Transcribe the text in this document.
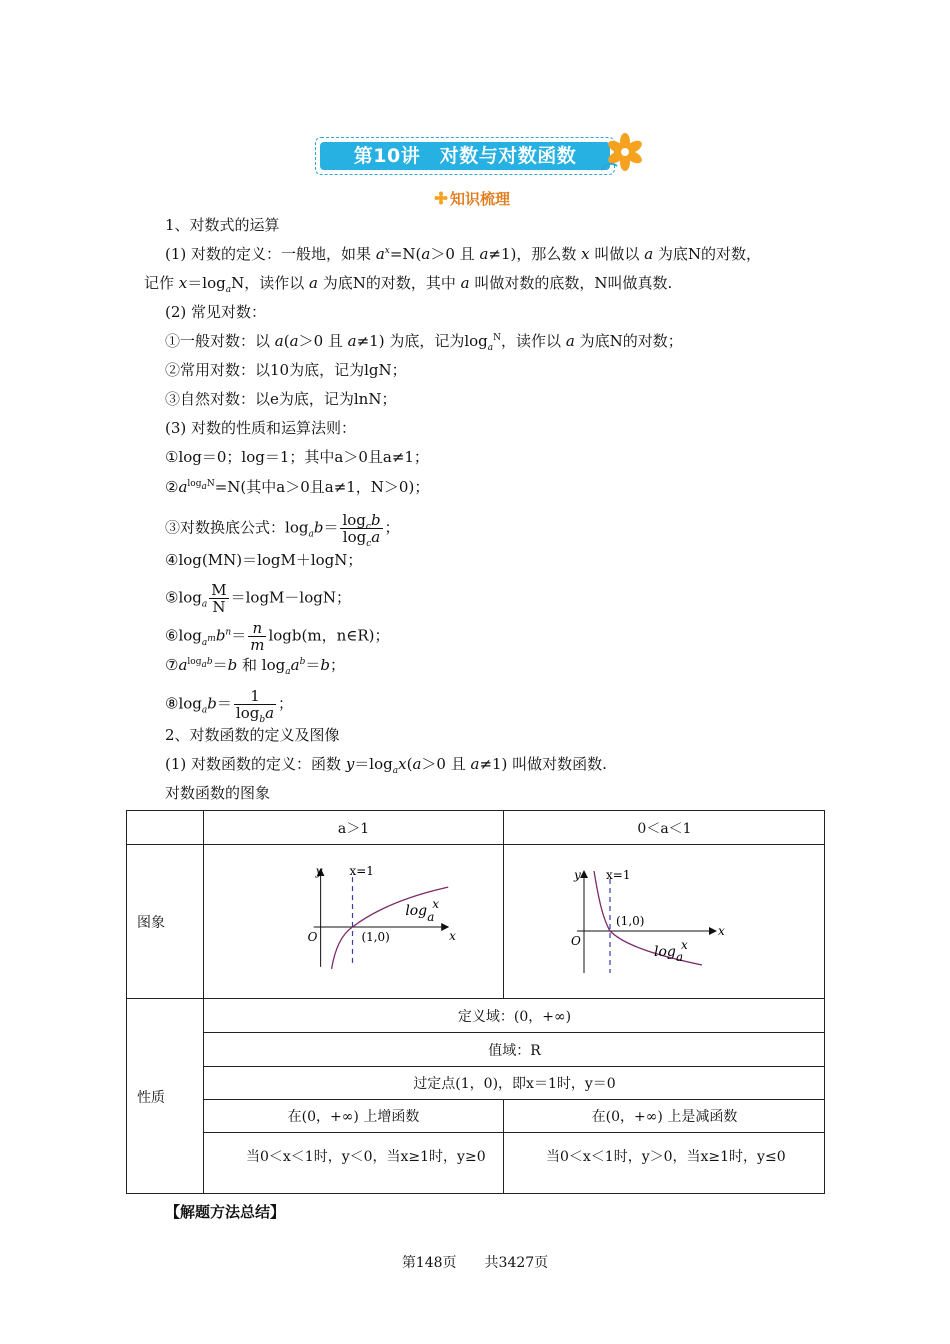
第10讲　对数与对数函数
知识梳理
1、对数式的运算
(1) 对数的定义：一般地，如果 $a^x=N(a>0$ 且 a≠1)，那么数 x 叫做以 a 为底N的对数，
记作 $x=\log_aN$，读作以 a 为底N的对数，其中 a 叫做对数的底数，N叫做真数.
(2) 常见对数：
①一般对数：以 a(a＞0 且 a≠1) 为底，记为$\log_a^N$，读作以 a 为底N的对数；
②常用对数：以10为底，记为lgN；
③自然对数：以e为底，记为lnN；
(3) 对数的性质和运算法则：
①log＝0；log＝1；其中a＞0且a≠1；
$②a^{log_aN}=N$(其中a＞0且a≠1，N＞0)；
③对数换底公式：$\log_ab= \frac{\log_cb}{\log_ca}$ ；
④log(MN)＝logM＋logN；
$⑤\log_a \frac{M}{N} =\log M-\log N$；
$⑥\log_{a^m}b^n= \frac{n}{m} \log b(m$，n∈R)；
$⑦a^{log_ab}=b$ 和 $\log_aa^b=b$；
$⑧\log_ab= \frac{1}{\log_ba}$ ；
2、对数函数的定义及图像
(1) 对数函数的定义：函数 $y=\log_ax(a>0$ 且 a≠1) 叫做对数函数.
对数函数的图象
a＞1	0＜a＜1
图象
y
x
O
x=1
(1,0)
log a
x
y
x
O
x=1
(1,0)
log a
x
性质
定义域：(0，+∞)
值域：R
过定点(1，0)，即x＝1时，y＝0
在(0，+∞) 上增函数	在(0，+∞) 上是减函数
当0＜x＜1时，y＜0，当x≥1时，y≥0	当0＜x＜1时，y＞0，当x≥1时，y≤0
【解题方法总结】
第148页　　共3427页
